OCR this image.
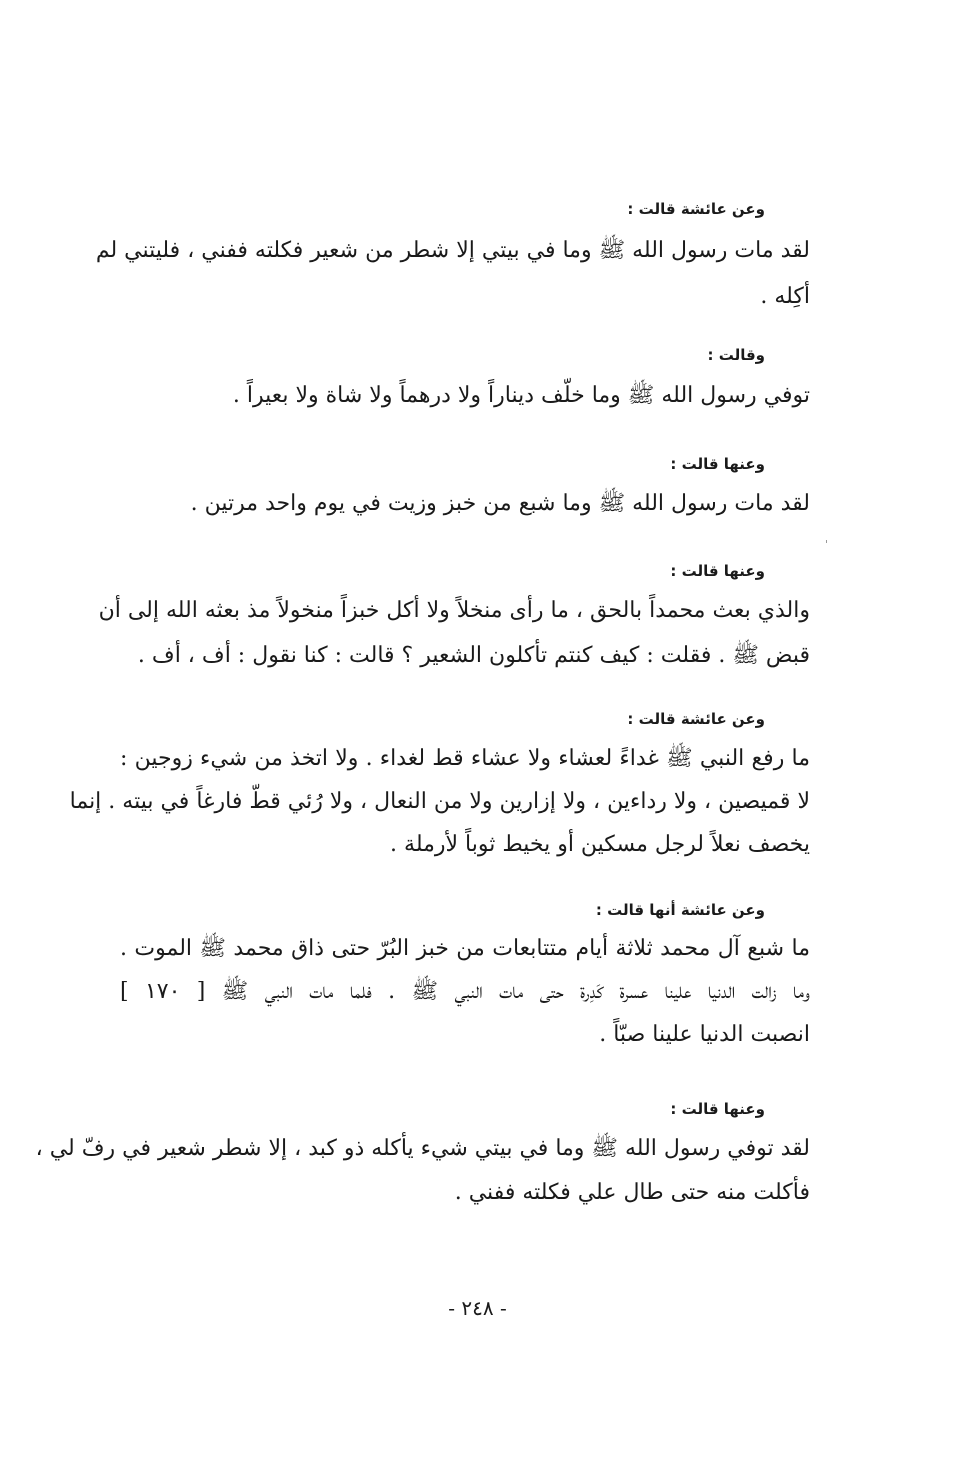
وعن عائشة قالت :
لقد مات رسول الله ﷺ وما في بيتي إلا شطر من شعير فكلته ففني ، فليتني لم
أكِله .
وقالت :
توفي رسول الله ﷺ وما خلّف ديناراً ولا درهماً ولا شاة ولا بعيراً .
وعنها قالت :
لقد مات رسول الله ﷺ وما شبع من خبز وزيت في يوم واحد مرتين .
وعنها قالت :
والذي بعث محمداً بالحق ، ما رأى منخلاً ولا أكل خبزاً منخولاً مذ بعثه الله إلى أن
قبض ﷺ . فقلت : كيف كنتم تأكلون الشعير ؟ قالت : كنا نقول : أف ، أف .
وعن عائشة قالت :
ما رفع النبي ﷺ غداءً لعشاء ولا عشاء قط لغداء . ولا اتخذ من شيء زوجين :
لا قميصين ، ولا رداءين ، ولا إزارين ولا من النعال ، ولا رُئي قطّ فارغاً في بيته . إنما
يخصف نعلاً لرجل مسكين أو يخيط ثوباً لأرملة .
وعن عائشة أنها قالت :
ما شبع آل محمد ثلاثة أيام متتابعات من خبز البُرّ حتى ذاق محمد ﷺ الموت .
وما زالت الدنيا علينا عسرة كَدِرة حتى مات النبي ﷺ . فلما مات النبي ﷺ [ ١٧٠ ]
انصبت الدنيا علينا صبّاً .
وعنها قالت :
لقد توفي رسول الله ﷺ وما في بيتي شيء يأكله ذو كبد ، إلا شطر شعير في رفّ لي ،
فأكلت منه حتى طال علي فكلته ففني .
- ٢٤٨ -
